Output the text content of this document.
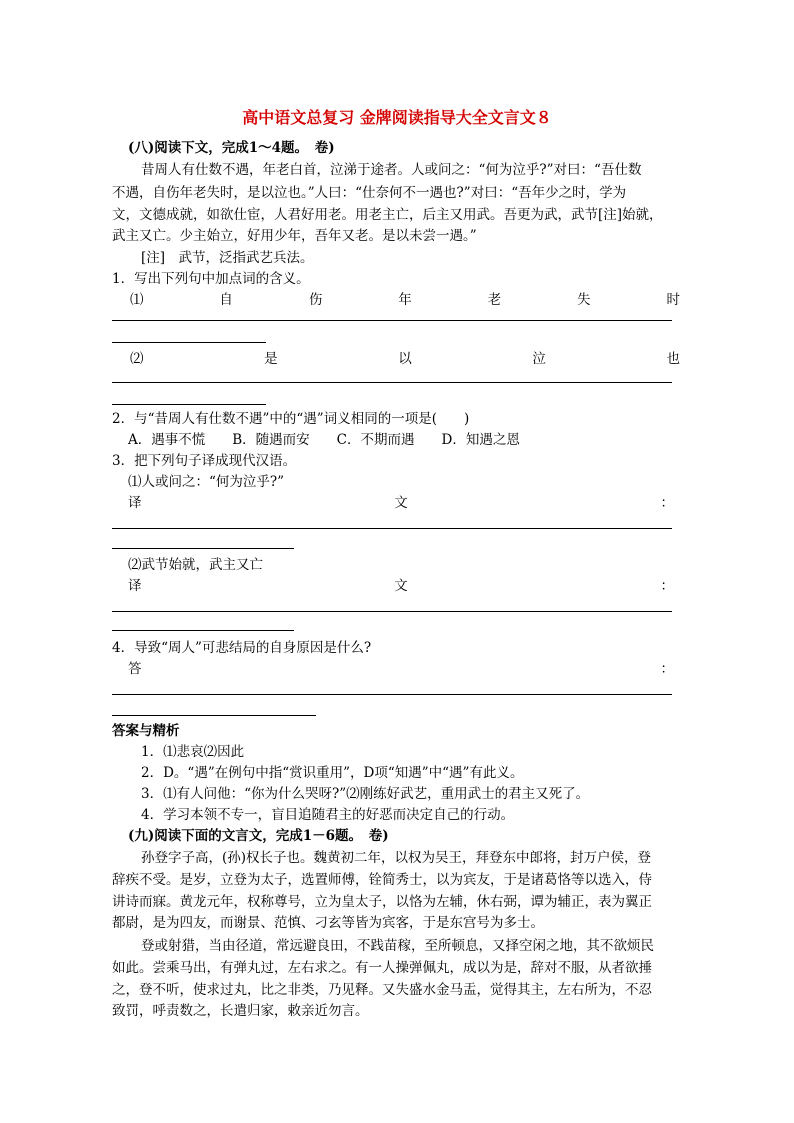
高中语文总复习 金牌阅读指导大全文言文８
(八)阅读下文，完成1～4题。　卷)
昔周人有仕数不遇，年老白首，泣涕于途者。人或问之：“何为泣乎?”对曰：“吾仕数
不遇，自伤年老失时，是以泣也。”人曰：“仕奈何不一遇也?”对曰：“吾年少之时，学为
文，文德成就，如欲仕宦，人君好用老。用老主亡，后主又用武。吾更为武，武节[注]始就，
武主又亡。少主始立，好用少年，吾年又老。是以未尝一遇。”
[注]　武节，泛指武艺兵法。
1．写出下列句中加点词的含义。
⑴	自	伤	年	老	失	时
⑵	是	以	泣	也
2．与“昔周人有仕数不遇”中的“遇”词义相同的一项是(　　)
A．遇事不慌　　B．随遇而安　　C．不期而遇　　D．知遇之恩
3．把下列句子译成现代汉语。
⑴人或问之：“何为泣乎?”
译	文	：
⑵武节始就，武主又亡
译	文	：
4．导致“周人”可悲结局的自身原因是什么?
答	：
答案与精析
1．⑴悲哀⑵因此
2．D。“遇”在例句中指“赏识重用”，D项“知遇”中“遇”有此义。
3．⑴有人问他：“你为什么哭呀?”⑵刚练好武艺，重用武士的君主又死了。
4．学习本领不专一，盲目追随君主的好恶而决定自己的行动。
(九)阅读下面的文言文，完成1－6题。　卷)
孙登字子高，(孙)权长子也。魏黄初二年，以权为吴王，拜登东中郎将，封万户侯，登
辞疾不受。是岁，立登为太子，选置师傅，铨简秀士，以为宾友，于是诸葛恪等以选入，侍
讲诗而寐。黄龙元年，权称尊号，立为皇太子，以恪为左辅，休右弼，谭为辅正，表为翼正
都尉，是为四友，而谢景、范慎、刁玄等皆为宾客，于是东宫号为多士。
登或射猎，当由径道，常远避良田，不践苗稼，至所顿息，又择空闲之地，其不欲烦民
如此。尝乘马出，有弹丸过，左右求之。有一人操弹佩丸，成以为是，辞对不服，从者欲捶
之，登不听，使求过丸，比之非类，乃见释。又失盛水金马盂，觉得其主，左右所为，不忍
致罚，呼责数之，长遣归家，敕亲近勿言。
